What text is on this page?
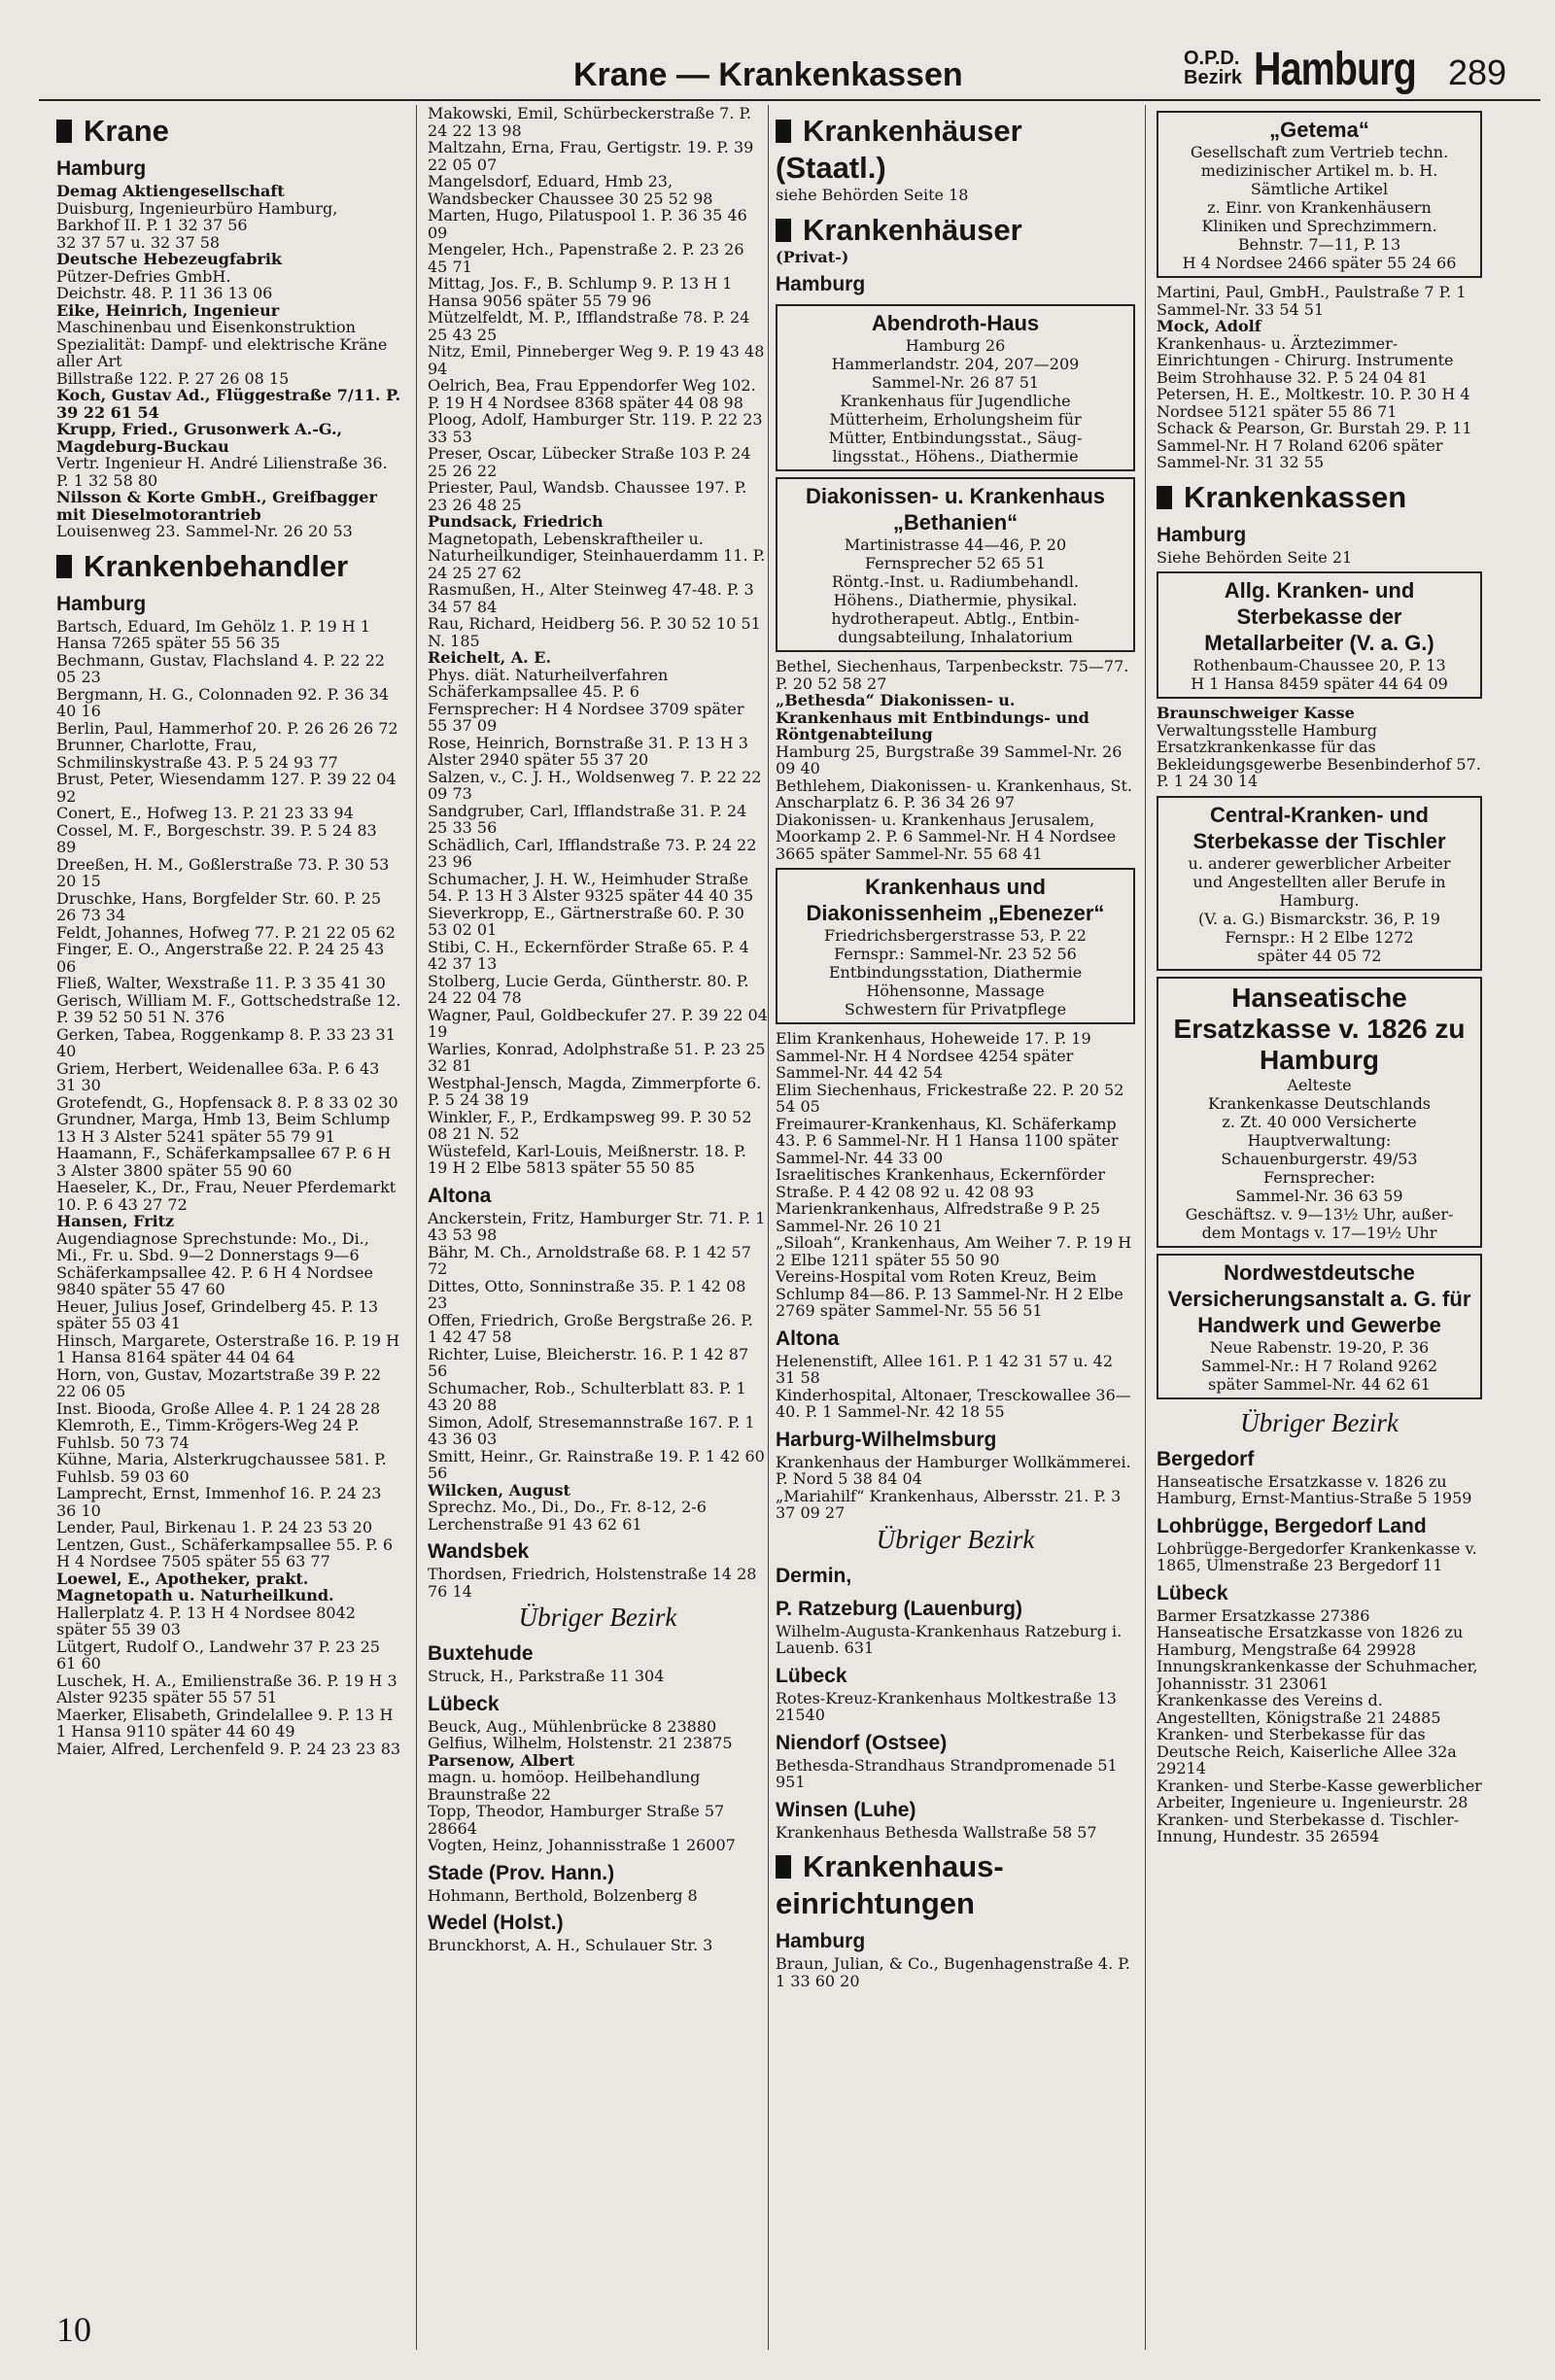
Krane — Krankenkassen	O.P.D.
Bezirk Hamburg 289
Krane
Hamburg
Demag Aktiengesellschaft
Duisburg, Ingenieurbüro Hamburg, Barkhof II. P. 1 32 37 56
32 37 57 u. 32 37 58
Deutsche Hebezeugfabrik
Pützer-Defries GmbH.
Deichstr. 48. P. 11 36 13 06
Eike, Heinrich, Ingenieur
Maschinenbau und Eisenkonstruktion
Spezialität: Dampf- und elektrische Kräne aller Art
Billstraße 122. P. 27 26 08 15
Koch, Gustav Ad., Flüggestraße 7/11. P. 39 22 61 54
Krupp, Fried., Grusonwerk A.-G., Magdeburg-Buckau
Vertr. Ingenieur H. André Lilienstraße 36. P. 1 32 58 80
Nilsson & Korte GmbH., Greifbagger mit Dieselmotorantrieb
Louisenweg 23. Sammel-Nr. 26 20 53
Krankenbehandler
Hamburg
Bartsch, Eduard, Im Gehölz 1. P. 19 H 1 Hansa 7265 später 55 56 35
Bechmann, Gustav, Flachsland 4. P. 22 22 05 23
Bergmann, H. G., Colonnaden 92. P. 36 34 40 16
Berlin, Paul, Hammerhof 20. P. 26 26 26 72
Brunner, Charlotte, Frau, Schmilinskystraße 43. P. 5 24 93 77
Brust, Peter, Wiesendamm 127. P. 39 22 04 92
Conert, E., Hofweg 13. P. 21 23 33 94
Cossel, M. F., Borgeschstr. 39. P. 5 24 83 89
Dreeßen, H. M., Goßlerstraße 73. P. 30 53 20 15
Druschke, Hans, Borgfelder Str. 60. P. 25 26 73 34
Feldt, Johannes, Hofweg 77. P. 21 22 05 62
Finger, E. O., Angerstraße 22. P. 24 25 43 06
Fließ, Walter, Wexstraße 11. P. 3 35 41 30
Gerisch, William M. F., Gottschedstraße 12. P. 39 52 50 51 N. 376
Gerken, Tabea, Roggenkamp 8. P. 33 23 31 40
Griem, Herbert, Weidenallee 63a. P. 6 43 31 30
Grotefendt, G., Hopfensack 8. P. 8 33 02 30
Grundner, Marga, Hmb 13, Beim Schlump 13 H 3 Alster 5241 später 55 79 91
Haamann, F., Schäferkampsallee 67 P. 6 H 3 Alster 3800 später 55 90 60
Haeseler, K., Dr., Frau, Neuer Pferdemarkt 10. P. 6 43 27 72
Hansen, Fritz
Augendiagnose Sprechstunde: Mo., Di., Mi., Fr. u. Sbd. 9—2 Donnerstags 9—6
Schäferkampsallee 42. P. 6 H 4 Nordsee 9840 später 55 47 60
Heuer, Julius Josef, Grindelberg 45. P. 13 später 55 03 41
Hinsch, Margarete, Osterstraße 16. P. 19 H 1 Hansa 8164 später 44 04 64
Horn, von, Gustav, Mozartstraße 39 P. 22 22 06 05
Inst. Biooda, Große Allee 4. P. 1 24 28 28
Klemroth, E., Timm-Krögers-Weg 24 P. Fuhlsb. 50 73 74
Kühne, Maria, Alsterkrugchaussee 581. P. Fuhlsb. 59 03 60
Lamprecht, Ernst, Immenhof 16. P. 24 23 36 10
Lender, Paul, Birkenau 1. P. 24 23 53 20
Lentzen, Gust., Schäferkampsallee 55. P. 6 H 4 Nordsee 7505 später 55 63 77
Loewel, E., Apotheker, prakt. Magnetopath u. Naturheilkund.
Hallerplatz 4. P. 13 H 4 Nordsee 8042 später 55 39 03
Lütgert, Rudolf O., Landwehr 37 P. 23 25 61 60
Luschek, H. A., Emilienstraße 36. P. 19 H 3 Alster 9235 später 55 57 51
Maerker, Elisabeth, Grindelallee 9. P. 13 H 1 Hansa 9110 später 44 60 49
Maier, Alfred, Lerchenfeld 9. P. 24 23 23 83
Makowski, Emil, Schürbeckerstraße 7. P. 24 22 13 98
Maltzahn, Erna, Frau, Gertigstr. 19. P. 39 22 05 07
Mangelsdorf, Eduard, Hmb 23, Wandsbecker Chaussee 30 25 52 98
Marten, Hugo, Pilatuspool 1. P. 36 35 46 09
Mengeler, Hch., Papenstraße 2. P. 23 26 45 71
Mittag, Jos. F., B. Schlump 9. P. 13 H 1 Hansa 9056 später 55 79 96
Mützelfeldt, M. P., Ifflandstraße 78. P. 24 25 43 25
Nitz, Emil, Pinneberger Weg 9. P. 19 43 48 94
Oelrich, Bea, Frau Eppendorfer Weg 102. P. 19 H 4 Nordsee 8368 später 44 08 98
Ploog, Adolf, Hamburger Str. 119. P. 22 23 33 53
Preser, Oscar, Lübecker Straße 103 P. 24 25 26 22
Priester, Paul, Wandsb. Chaussee 197. P. 23 26 48 25
Pundsack, Friedrich
Magnetopath, Lebenskraftheiler u. Naturheilkundiger, Steinhauerdamm 11. P. 24 25 27 62
Rasmußen, H., Alter Steinweg 47-48. P. 3 34 57 84
Rau, Richard, Heidberg 56. P. 30 52 10 51 N. 185
Reichelt, A. E.
Phys. diät. Naturheilverfahren Schäferkampsallee 45. P. 6
Fernsprecher: H 4 Nordsee 3709 später 55 37 09
Rose, Heinrich, Bornstraße 31. P. 13 H 3 Alster 2940 später 55 37 20
Salzen, v., C. J. H., Woldsenweg 7. P. 22 22 09 73
Sandgruber, Carl, Ifflandstraße 31. P. 24 25 33 56
Schädlich, Carl, Ifflandstraße 73. P. 24 22 23 96
Schumacher, J. H. W., Heimhuder Straße 54. P. 13 H 3 Alster 9325 später 44 40 35
Sieverkropp, E., Gärtnerstraße 60. P. 30 53 02 01
Stibi, C. H., Eckernförder Straße 65. P. 4 42 37 13
Stolberg, Lucie Gerda, Güntherstr. 80. P. 24 22 04 78
Wagner, Paul, Goldbeckufer 27. P. 39 22 04 19
Warlies, Konrad, Adolphstraße 51. P. 23 25 32 81
Westphal-Jensch, Magda, Zimmerpforte 6. P. 5 24 38 19
Winkler, F., P., Erdkampsweg 99. P. 30 52 08 21 N. 52
Wüstefeld, Karl-Louis, Meißnerstr. 18. P. 19 H 2 Elbe 5813 später 55 50 85
Altona
Anckerstein, Fritz, Hamburger Str. 71. P. 1 43 53 98
Bähr, M. Ch., Arnoldstraße 68. P. 1 42 57 72
Dittes, Otto, Sonninstraße 35. P. 1 42 08 23
Offen, Friedrich, Große Bergstraße 26. P. 1 42 47 58
Richter, Luise, Bleicherstr. 16. P. 1 42 87 56
Schumacher, Rob., Schulterblatt 83. P. 1 43 20 88
Simon, Adolf, Stresemannstraße 167. P. 1 43 36 03
Smitt, Heinr., Gr. Rainstraße 19. P. 1 42 60 56
Wilcken, August
Sprechz. Mo., Di., Do., Fr. 8-12, 2-6 Lerchenstraße 91 43 62 61
Wandsbek
Thordsen, Friedrich, Holstenstraße 14 28 76 14
Übriger Bezirk
Buxtehude
Struck, H., Parkstraße 11 304
Lübeck
Beuck, Aug., Mühlenbrücke 8 23880
Gelfius, Wilhelm, Holstenstr. 21 23875
Parsenow, Albert
magn. u. homöop. Heilbehandlung Braunstraße 22
Topp, Theodor, Hamburger Straße 57 28664
Vogten, Heinz, Johannisstraße 1 26007
Stade (Prov. Hann.)
Hohmann, Berthold, Bolzenberg 8
Wedel (Holst.)
Brunckhorst, A. H., Schulauer Str. 3
Krankenhäuser (Staatl.)
siehe Behörden Seite 18
Krankenhäuser
(Privat-)
Hamburg
Abendroth-Haus
Hamburg 26
Hammerlandstr. 204, 207—209
Sammel-Nr. 26 87 51
Krankenhaus für Jugendliche
Mütterheim, Erholungsheim für
Mütter, Entbindungsstat., Säug-
lingsstat., Höhens., Diathermie
Diakonissen- u. Krankenhaus „Bethanien“
Martinistrasse 44—46, P. 20
Fernsprecher 52 65 51
Röntg.-Inst. u. Radiumbehandl.
Höhens., Diathermie, physikal.
hydrotherapeut. Abtlg., Entbin-
dungsabteilung, Inhalatorium
Bethel, Siechenhaus, Tarpenbeckstr. 75—77. P. 20 52 58 27
„Bethesda“ Diakonissen- u. Krankenhaus mit Entbindungs- und Röntgenabteilung
Hamburg 25, Burgstraße 39 Sammel-Nr. 26 09 40
Bethlehem, Diakonissen- u. Krankenhaus, St. Anscharplatz 6. P. 36 34 26 97
Diakonissen- u. Krankenhaus Jerusalem, Moorkamp 2. P. 6 Sammel-Nr. H 4 Nordsee 3665 später Sammel-Nr. 55 68 41
Krankenhaus und Diakonissenheim „Ebenezer“
Friedrichsbergerstrasse 53, P. 22
Fernspr.: Sammel-Nr. 23 52 56
Entbindungsstation, Diathermie
Höhensonne, Massage
Schwestern für Privatpflege
Elim Krankenhaus, Hoheweide 17. P. 19 Sammel-Nr. H 4 Nordsee 4254 später Sammel-Nr. 44 42 54
Elim Siechenhaus, Frickestraße 22. P. 20 52 54 05
Freimaurer-Krankenhaus, Kl. Schäferkamp 43. P. 6 Sammel-Nr. H 1 Hansa 1100 später Sammel-Nr. 44 33 00
Israelitisches Krankenhaus, Eckernförder Straße. P. 4 42 08 92 u. 42 08 93
Marienkrankenhaus, Alfredstraße 9 P. 25 Sammel-Nr. 26 10 21
„Siloah“, Krankenhaus, Am Weiher 7. P. 19 H 2 Elbe 1211 später 55 50 90
Vereins-Hospital vom Roten Kreuz, Beim Schlump 84—86. P. 13 Sammel-Nr. H 2 Elbe 2769 später Sammel-Nr. 55 56 51
Altona
Helenenstift, Allee 161. P. 1 42 31 57 u. 42 31 58
Kinderhospital, Altonaer, Tresckowallee 36—40. P. 1 Sammel-Nr. 42 18 55
Harburg-Wilhelmsburg
Krankenhaus der Hamburger Wollkämmerei. P. Nord 5 38 84 04
„Mariahilf“ Krankenhaus, Albersstr. 21. P. 3 37 09 27
Übriger Bezirk
Dermin,
P. Ratzeburg (Lauenburg)
Wilhelm-Augusta-Krankenhaus Ratzeburg i. Lauenb. 631
Lübeck
Rotes-Kreuz-Krankenhaus Moltkestraße 13 21540
Niendorf (Ostsee)
Bethesda-Strandhaus Strandpromenade 51 951
Winsen (Luhe)
Krankenhaus Bethesda Wallstraße 58 57
Krankenhaus-einrichtungen
Hamburg
Braun, Julian, & Co., Bugenhagenstraße 4. P. 1 33 60 20
„Getema“
Gesellschaft zum Vertrieb techn.
medizinischer Artikel m. b. H.
Sämtliche Artikel
z. Einr. von Krankenhäusern
Kliniken und Sprechzimmern.
Behnstr. 7—11, P. 13
H 4 Nordsee 2466 später 55 24 66
Martini, Paul, GmbH., Paulstraße 7 P. 1 Sammel-Nr. 33 54 51
Mock, Adolf
Krankenhaus- u. Ärztezimmer-Einrichtungen - Chirurg. Instrumente Beim Strohhause 32. P. 5 24 04 81
Petersen, H. E., Moltkestr. 10. P. 30 H 4 Nordsee 5121 später 55 86 71
Schack & Pearson, Gr. Burstah 29. P. 11 Sammel-Nr. H 7 Roland 6206 später Sammel-Nr. 31 32 55
Krankenkassen
Hamburg
Siehe Behörden Seite 21
Allg. Kranken- und Sterbekasse der Metallarbeiter (V. a. G.)
Rothenbaum-Chaussee 20, P. 13
H 1 Hansa 8459 später 44 64 09
Braunschweiger Kasse
Verwaltungsstelle Hamburg Ersatzkrankenkasse für das Bekleidungsgewerbe Besenbinderhof 57. P. 1 24 30 14
Central-Kranken- und Sterbekasse der Tischler
u. anderer gewerblicher Arbeiter
und Angestellten aller Berufe in
Hamburg.
(V. a. G.) Bismarckstr. 36, P. 19
Fernspr.: H 2 Elbe 1272
später 44 05 72
Hanseatische Ersatzkasse v. 1826 zu Hamburg
Aelteste
Krankenkasse Deutschlands
z. Zt. 40 000 Versicherte
Hauptverwaltung:
Schauenburgerstr. 49/53
Fernsprecher:
Sammel-Nr. 36 63 59
Geschäftsz. v. 9—13½ Uhr, außer-
dem Montags v. 17—19½ Uhr
Nordwestdeutsche Versicherungsanstalt a. G. für Handwerk und Gewerbe
Neue Rabenstr. 19-20, P. 36
Sammel-Nr.: H 7 Roland 9262
später Sammel-Nr. 44 62 61
Übriger Bezirk
Bergedorf
Hanseatische Ersatzkasse v. 1826 zu Hamburg, Ernst-Mantius-Straße 5 1959
Lohbrügge, Bergedorf Land
Lohbrügge-Bergedorfer Krankenkasse v. 1865, Ulmenstraße 23 Bergedorf 11
Lübeck
Barmer Ersatzkasse 27386
Hanseatische Ersatzkasse von 1826 zu Hamburg, Mengstraße 64 29928
Innungskrankenkasse der Schuhmacher, Johannisstr. 31 23061
Krankenkasse des Vereins d. Angestellten, Königstraße 21 24885
Kranken- und Sterbekasse für das Deutsche Reich, Kaiserliche Allee 32a 29214
Kranken- und Sterbe-Kasse gewerblicher Arbeiter, Ingenieure u. Ingenieurstr. 28
Kranken- und Sterbekasse d. Tischler-Innung, Hundestr. 35 26594
10
